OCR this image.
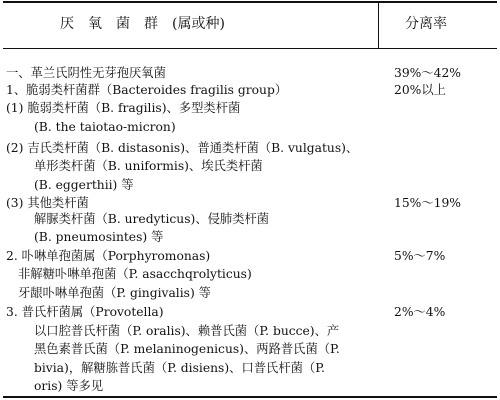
厌　氧　菌　群　(属或种)	分离率
一、革兰氏阴性无芽孢厌氧菌	39%～42%
1、脆弱类杆菌群（Bacteroides fragilis group）	20%以上
(1) 脆弱类杆菌（B. fragilis)、多型类杆菌
(B. the taiotao-micron)
(2) 吉氏类杆菌（B. distasonis)、普通类杆菌（B. vulgatus)、
单形类杆菌（B. uniformis)、埃氏类杆菌
(B. eggerthii) 等
(3) 其他类杆菌	15%～19%
解脲类杆菌（B. uredyticus)、侵肺类杆菌
(B. pneumosintes) 等
2. 卟啉单孢菌属（Porphyromonas)	5%～7%
非解糖卟啉单孢菌（P. asacchqrolyticus)
牙龈卟啉单孢菌（P. gingivalis) 等
3. 普氏杆菌属（Provotella)	2%～4%
以口腔普氏杆菌（P. oralis)、赖普氏菌（P. bucce)、产
黑色素普氏菌（P. melaninogenicus)、两路普氏菌（P.
bivia)，解糖胨普氏菌（P. disiens)、口普氏杆菌（P.
oris) 等多见
